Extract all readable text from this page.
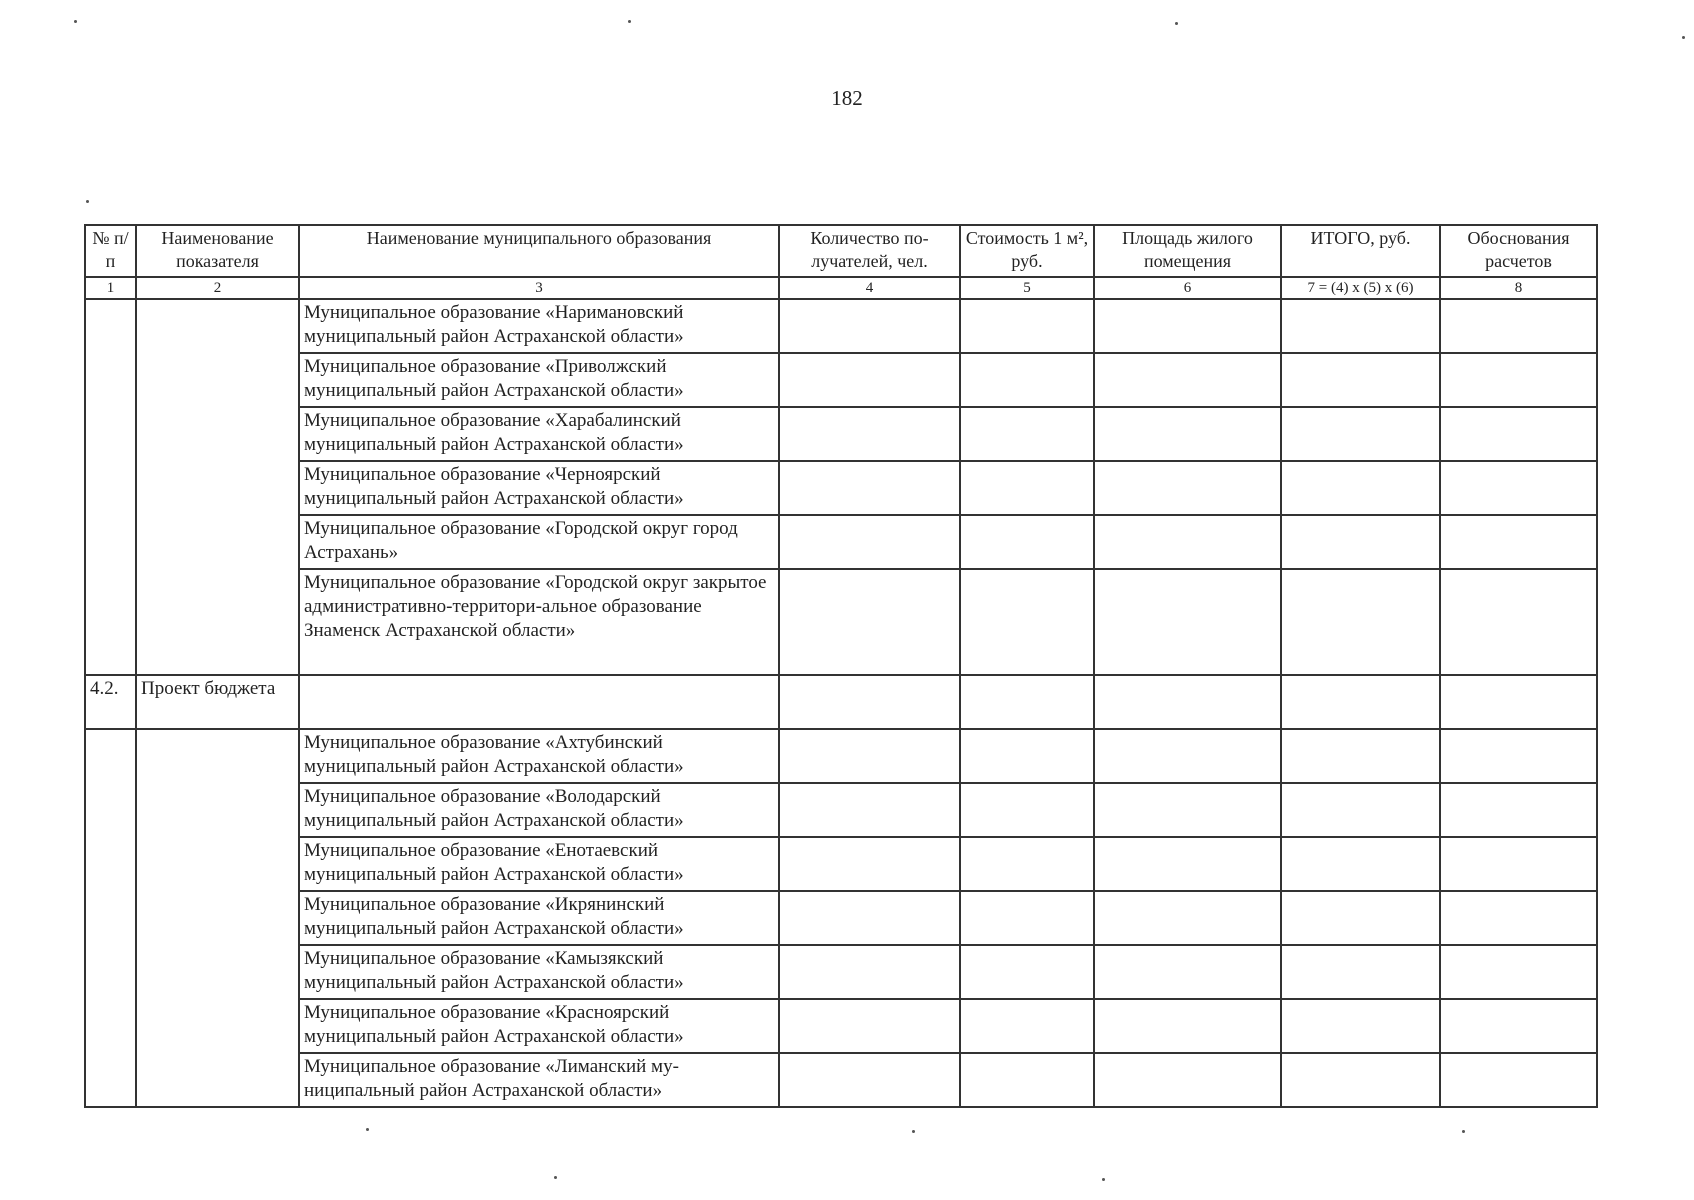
182
№ п/п	Наименование показателя	Наименование муниципального образования	Количество по-лучателей, чел.	Стоимость 1 м², руб.	Площадь жилого помещения	ИТОГО, руб.	Обоснования расчетов
1	2	3	4	5	6	7 = (4) x (5) x (6)	8
		Муниципальное образование «Наримановский муниципальный район Астраханской области»					
		Муниципальное образование «Приволжский муниципальный район Астраханской области»					
		Муниципальное образование «Харабалинский муниципальный район Астраханской области»					
		Муниципальное образование «Черноярский муниципальный район Астраханской области»					
		Муниципальное образование «Городской округ город Астрахань»					
		Муниципальное образование «Городской округ закрытое административно-территори-альное образование Знаменск Астраханской области»					
4.2.	Проект бюджета						
		Муниципальное образование «Ахтубинский муниципальный район Астраханской области»					
		Муниципальное образование «Володарский муниципальный район Астраханской области»					
		Муниципальное образование «Енотаевский муниципальный район Астраханской области»					
		Муниципальное образование «Икрянинский муниципальный район Астраханской области»					
		Муниципальное образование «Камызякский муниципальный район Астраханской области»					
		Муниципальное образование «Красноярский муниципальный район Астраханской области»					
		Муниципальное образование «Лиманский му-ниципальный район Астраханской области»					
